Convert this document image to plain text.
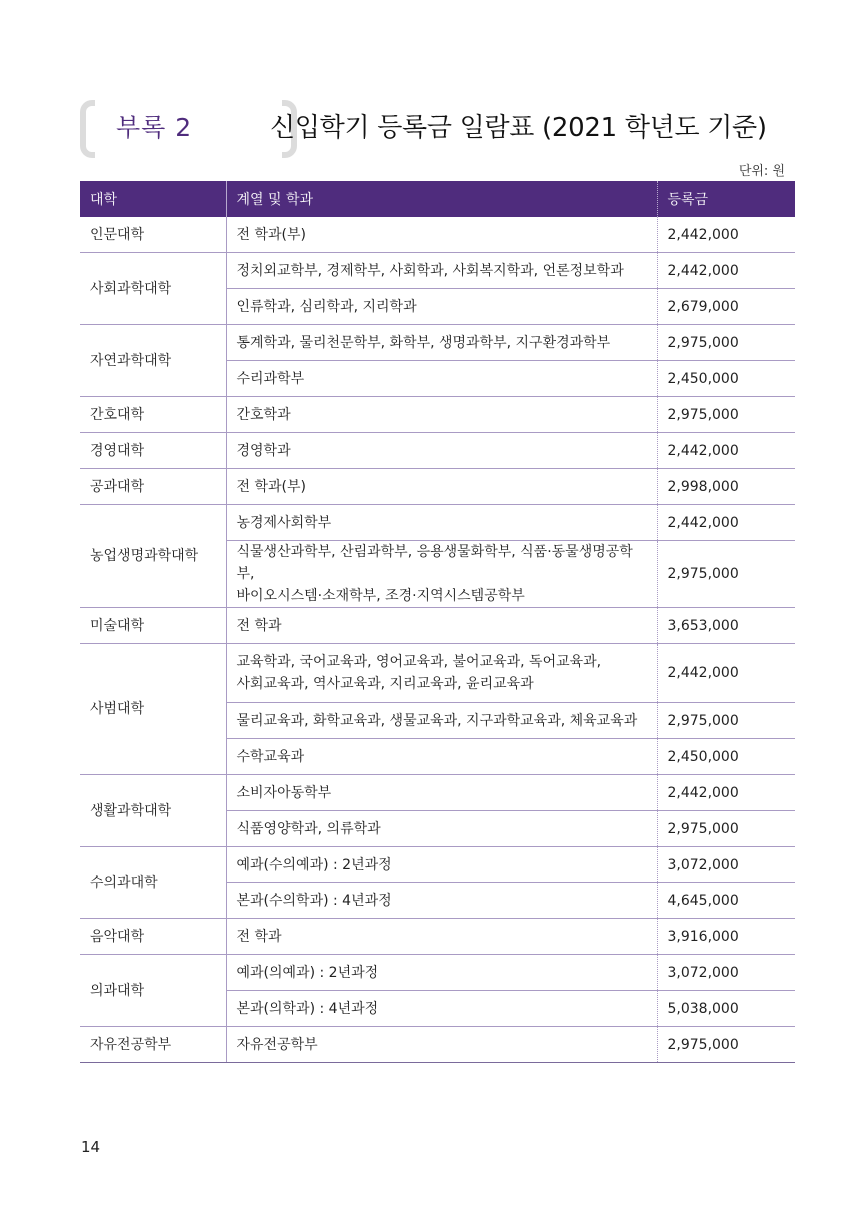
부록 2	신입학기 등록금 일람표 (2021 학년도 기준)
단위: 원
대학	계열 및 학과	등록금
인문대학	전 학과(부)	2,442,000
사회과학대학	정치외교학부, 경제학부, 사회학과, 사회복지학과, 언론정보학과	2,442,000
	인류학과, 심리학과, 지리학과	2,679,000
자연과학대학	통계학과, 물리천문학부, 화학부, 생명과학부, 지구환경과학부	2,975,000
	수리과학부	2,450,000
간호대학	간호학과	2,975,000
경영대학	경영학과	2,442,000
공과대학	전 학과(부)	2,998,000
농업생명과학대학	농경제사회학부	2,442,000
	식물생산과학부, 산림과학부, 응용생물화학부, 식품·동물생명공학부,
바이오시스템·소재학부, 조경·지역시스템공학부	2,975,000
미술대학	전 학과	3,653,000
사범대학	교육학과, 국어교육과, 영어교육과, 불어교육과, 독어교육과,
사회교육과, 역사교육과, 지리교육과, 윤리교육과	2,442,000
	물리교육과, 화학교육과, 생물교육과, 지구과학교육과, 체육교육과	2,975,000
	수학교육과	2,450,000
생활과학대학	소비자아동학부	2,442,000
	식품영양학과, 의류학과	2,975,000
수의과대학	예과(수의예과) : 2년과정	3,072,000
	본과(수의학과) : 4년과정	4,645,000
음악대학	전 학과	3,916,000
의과대학	예과(의예과) : 2년과정	3,072,000
	본과(의학과) : 4년과정	5,038,000
자유전공학부	자유전공학부	2,975,000
14
